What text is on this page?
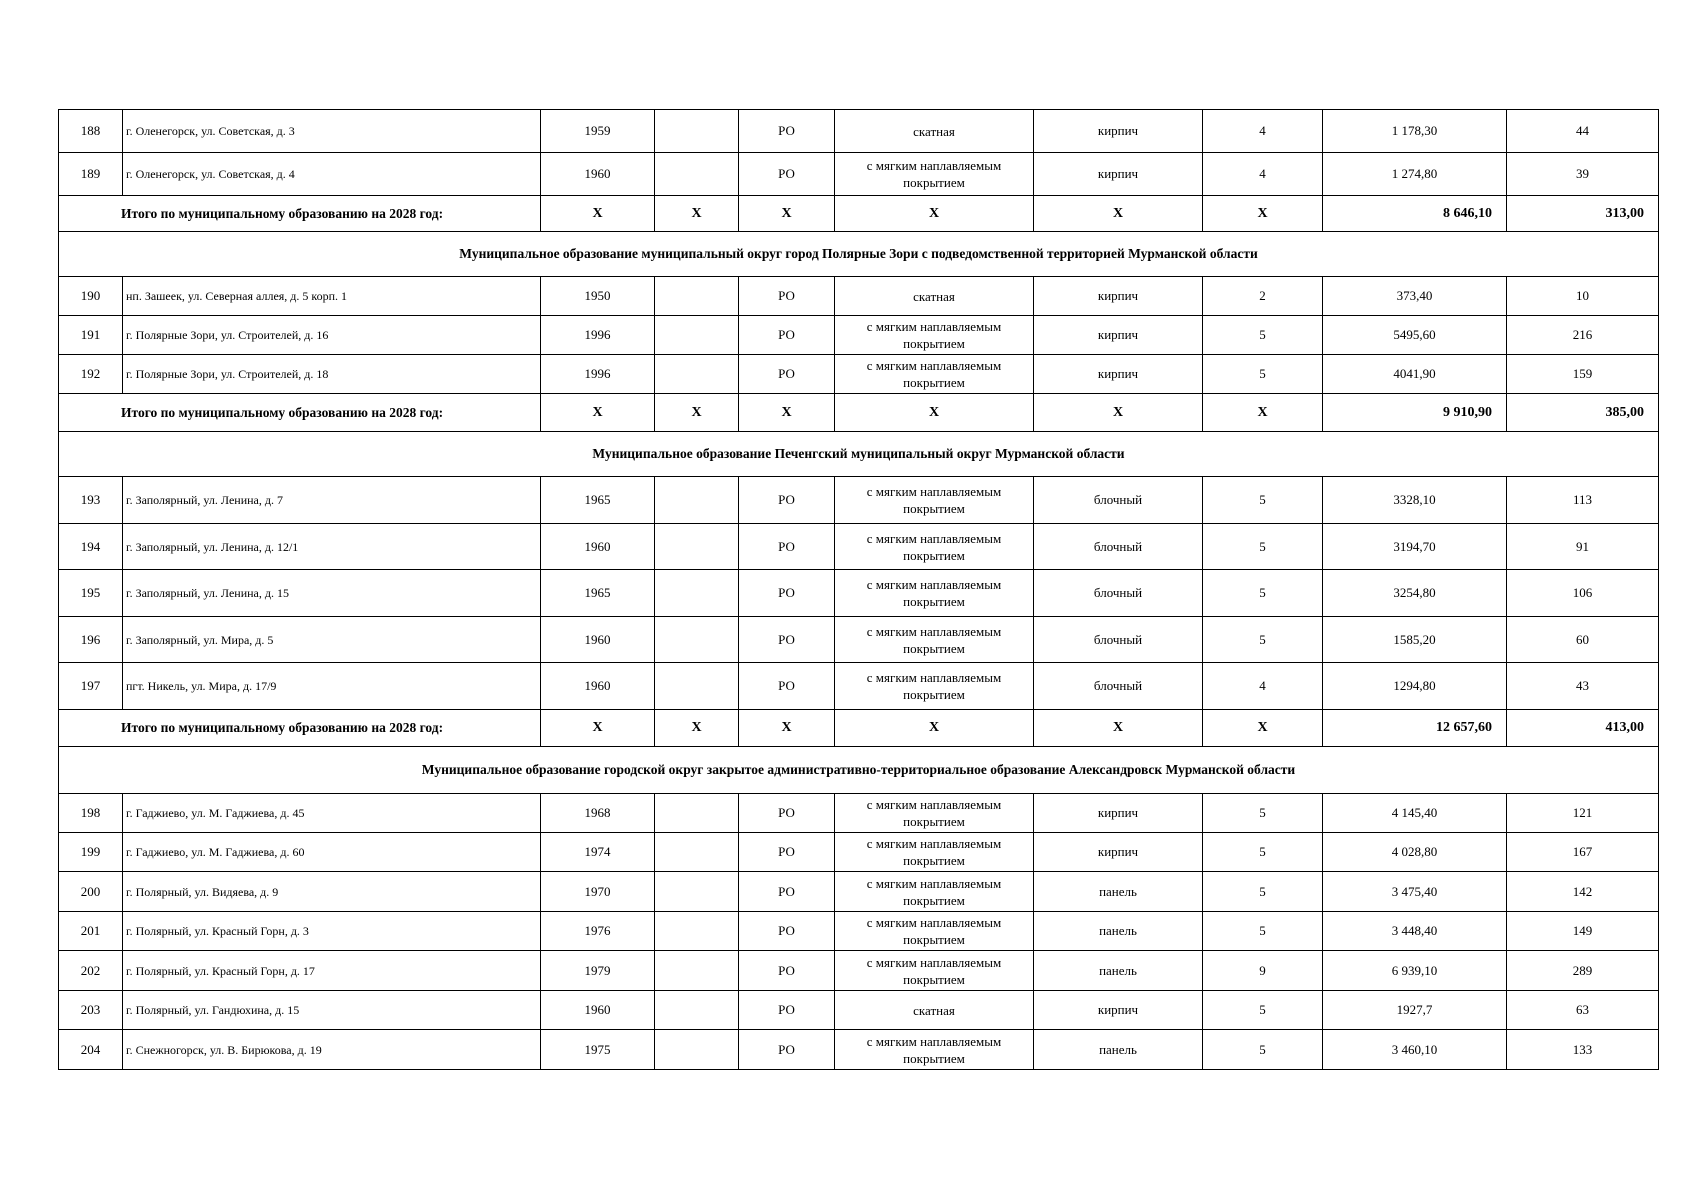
188	г. Оленегорск, ул. Советская, д. 3	1959		РО	скатная	кирпич	4	1 178,30	44
189	г. Оленегорск, ул. Советская, д. 4	1960		РО	с мягким наплавляемым покрытием	кирпич	4	1 274,80	39
Итого по муниципальному образованию на 2028 год:		X	X	X	X	X	X	8 646,10	313,00
Муниципальное образование муниципальный округ город Полярные Зори с подведомственной территорией Мурманской области									
190	нп. Зашеек, ул. Северная аллея, д. 5 корп. 1	1950		РО	скатная	кирпич	2	373,40	10
191	г. Полярные Зори, ул. Строителей, д. 16	1996		РО	с мягким наплавляемым покрытием	кирпич	5	5495,60	216
192	г. Полярные Зори, ул. Строителей, д. 18	1996		РО	с мягким наплавляемым покрытием	кирпич	5	4041,90	159
Итого по муниципальному образованию на 2028 год:		X	X	X	X	X	X	9 910,90	385,00
Муниципальное образование Печенгский муниципальный округ Мурманской области									
193	г. Заполярный, ул. Ленина, д. 7	1965		РО	с мягким наплавляемым покрытием	блочный	5	3328,10	113
194	г. Заполярный, ул. Ленина, д. 12/1	1960		РО	с мягким наплавляемым покрытием	блочный	5	3194,70	91
195	г. Заполярный, ул. Ленина, д. 15	1965		РО	с мягким наплавляемым покрытием	блочный	5	3254,80	106
196	г. Заполярный, ул. Мира, д. 5	1960		РО	с мягким наплавляемым покрытием	блочный	5	1585,20	60
197	пгт. Никель, ул. Мира, д. 17/9	1960		РО	с мягким наплавляемым покрытием	блочный	4	1294,80	43
Итого по муниципальному образованию на 2028 год:		X	X	X	X	X	X	12 657,60	413,00
Муниципальное образование городской округ закрытое административно-территориальное образование Александровск Мурманской области									
198	г. Гаджиево, ул. М. Гаджиева, д. 45	1968		РО	с мягким наплавляемым покрытием	кирпич	5	4 145,40	121
199	г. Гаджиево, ул. М. Гаджиева, д. 60	1974		РО	с мягким наплавляемым покрытием	кирпич	5	4 028,80	167
200	г. Полярный, ул. Видяева, д. 9	1970		РО	с мягким наплавляемым покрытием	панель	5	3 475,40	142
201	г. Полярный, ул. Красный Горн, д. 3	1976		РО	с мягким наплавляемым покрытием	панель	5	3 448,40	149
202	г. Полярный, ул. Красный Горн, д. 17	1979		РО	с мягким наплавляемым покрытием	панель	9	6 939,10	289
203	г. Полярный, ул. Гандюхина, д. 15	1960		РО	скатная	кирпич	5	1927,7	63
204	г. Снежногорск, ул. В. Бирюкова, д. 19	1975		РО	с мягким наплавляемым покрытием	панель	5	3 460,10	133
